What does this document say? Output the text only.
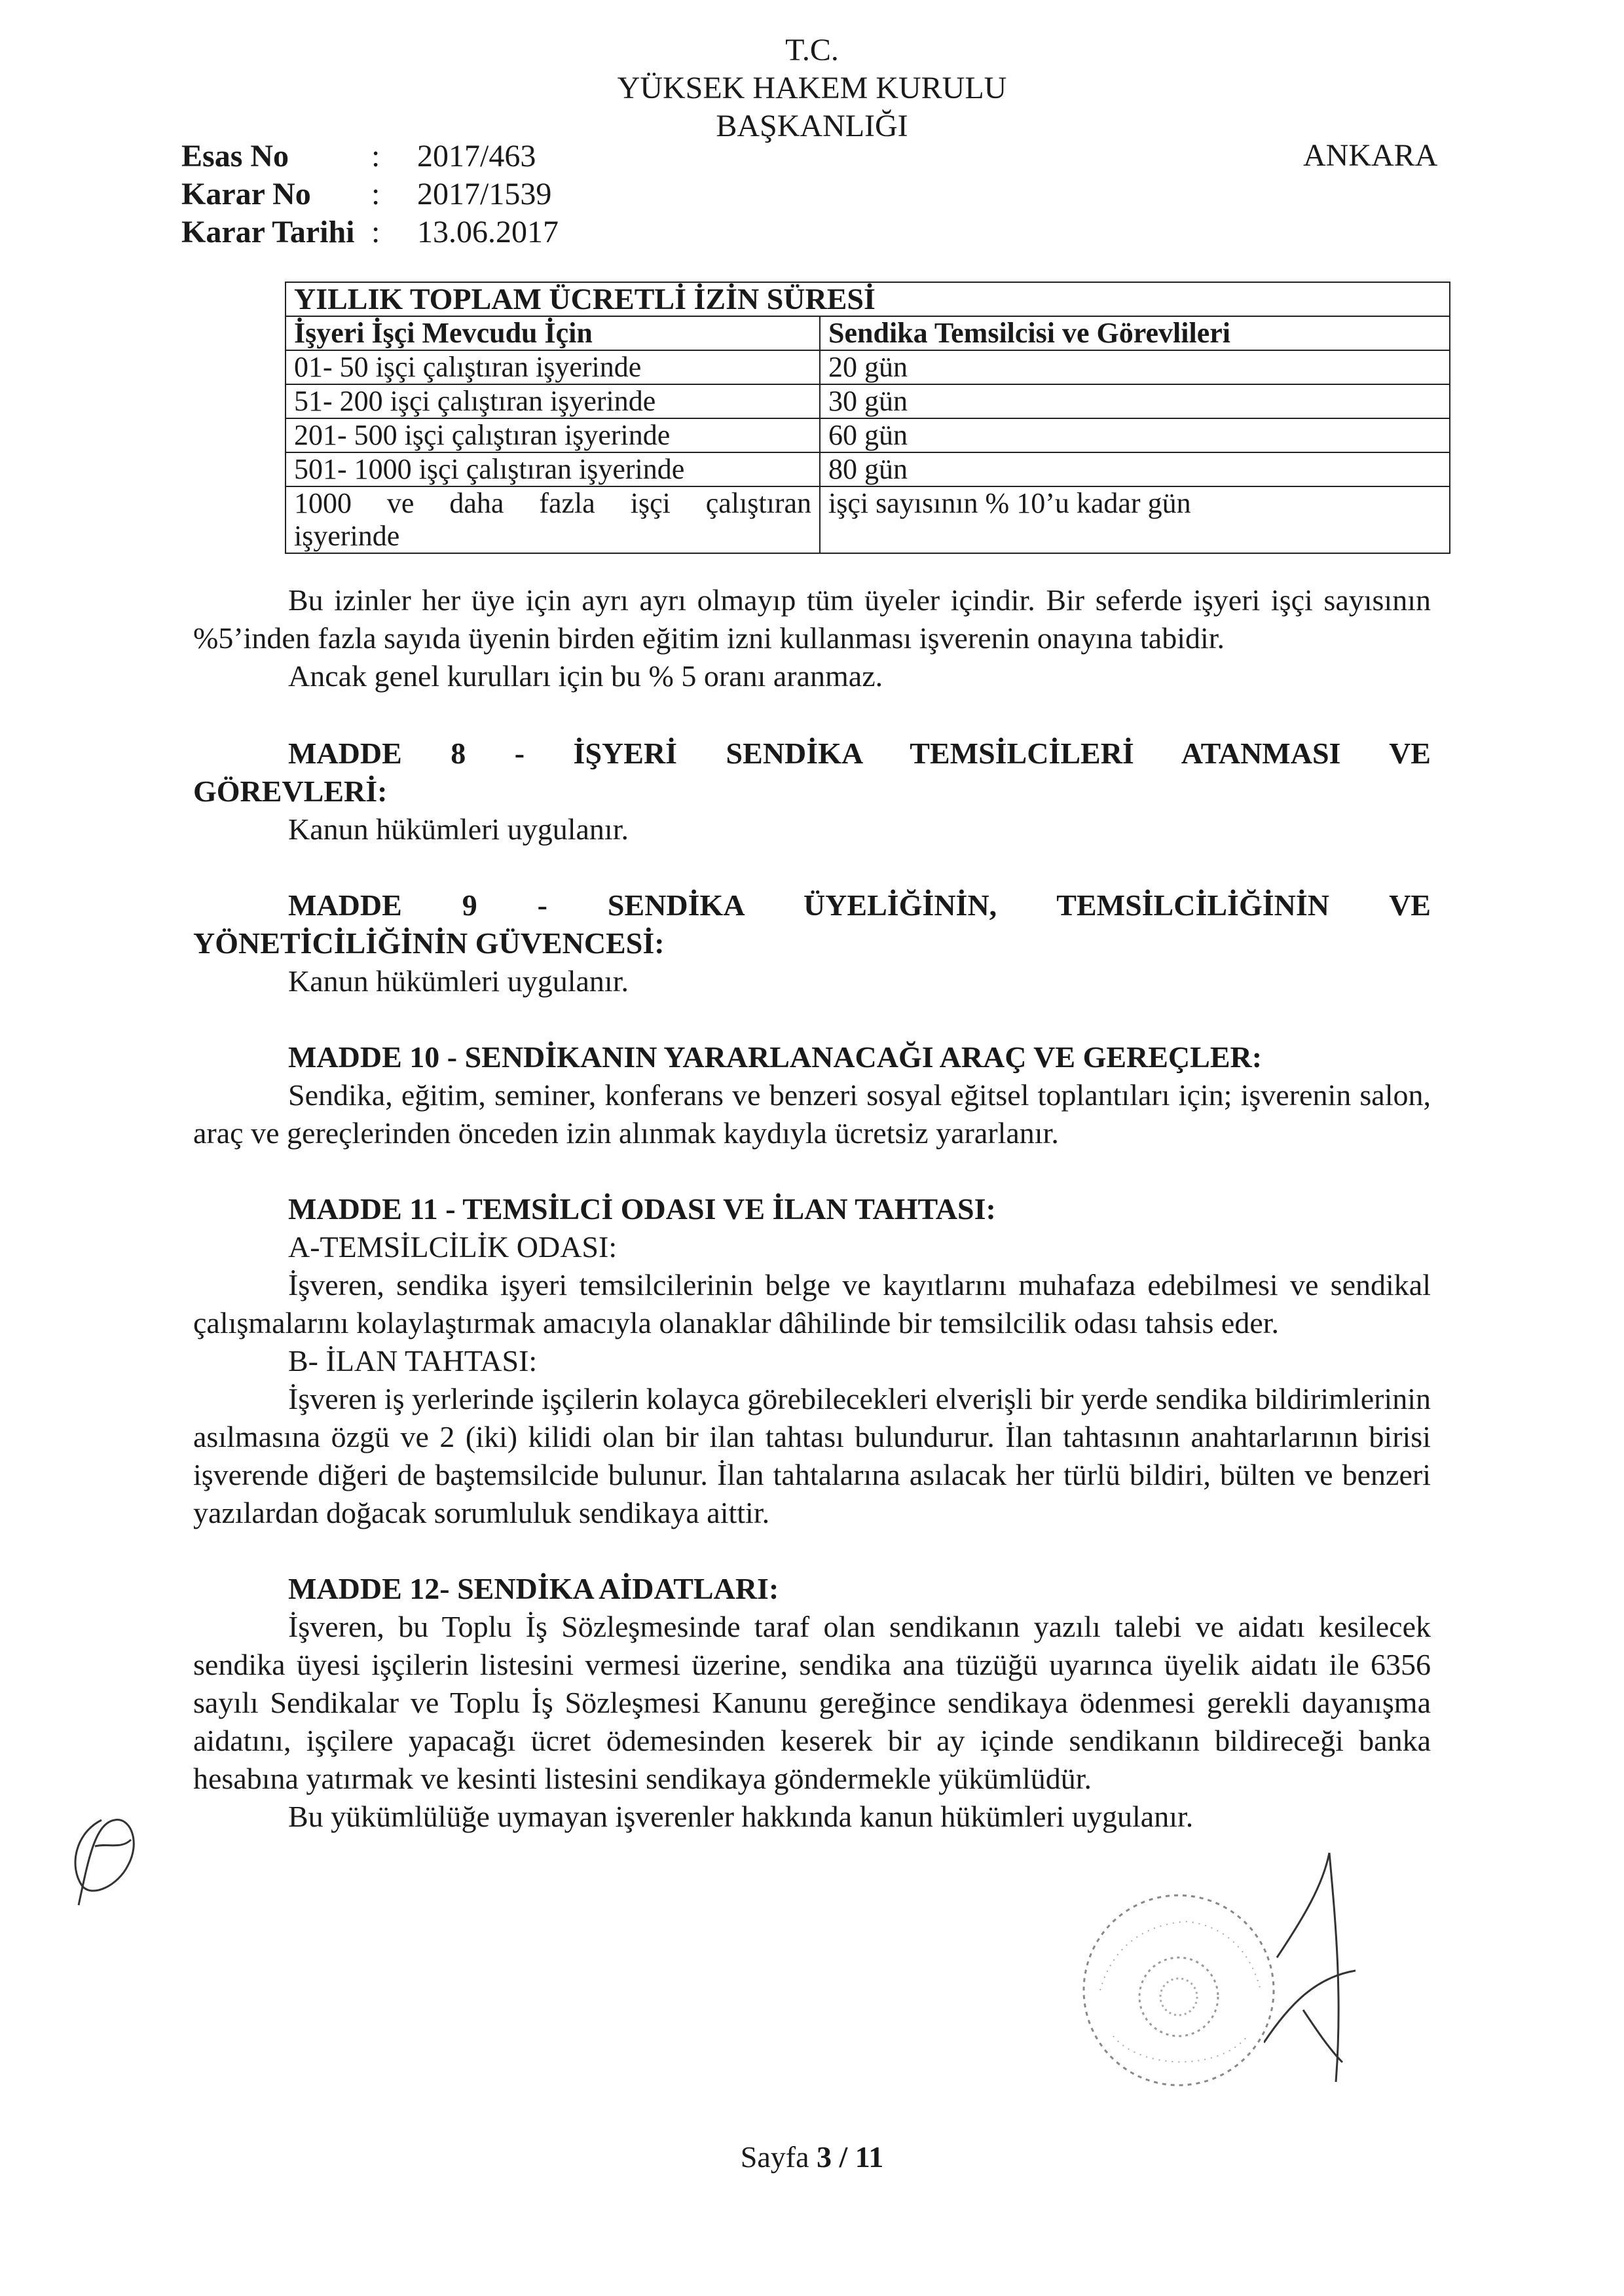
T.C.
YÜKSEK HAKEM KURULU
BAŞKANLIĞI
Esas No	:	2017/463
Karar No	:	2017/1539
Karar Tarihi :	13.06.2017
ANKARA
YILLIK TOPLAM ÜCRETLİ İZİN SÜRESİ	
İşyeri İşçi Mevcudu İçin	Sendika Temsilcisi ve Görevlileri
01- 50 işçi çalıştıran işyerinde	20 gün
51- 200 işçi çalıştıran işyerinde	30 gün
201- 500 işçi çalıştıran işyerinde	60 gün
501- 1000 işçi çalıştıran işyerinde	80 gün

1000 ve daha fazla işçi çalıştıran
işyerinde	işçi sayısının % 10’u kadar gün
Bu izinler her üye için ayrı ayrı olmayıp tüm üyeler içindir. Bir seferde işyeri işçi sayısının %5’inden fazla sayıda üyenin birden eğitim izni kullanması işverenin onayına tabidir.
Ancak genel kurulları için bu % 5 oranı aranmaz.
MADDE 8 - İŞYERİ SENDİKA TEMSİLCİLERİ ATANMASI VE
GÖREVLERİ:
Kanun hükümleri uygulanır.
MADDE 9 - SENDİKA ÜYELİĞİNİN, TEMSİLCİLİĞİNİN VE
YÖNETİCİLİĞİNİN GÜVENCESİ:
Kanun hükümleri uygulanır.
MADDE 10 - SENDİKANIN YARARLANACAĞI ARAÇ VE GEREÇLER:
Sendika, eğitim, seminer, konferans ve benzeri sosyal eğitsel toplantıları için; işverenin salon, araç ve gereçlerinden önceden izin alınmak kaydıyla ücretsiz yararlanır.
MADDE 11 - TEMSİLCİ ODASI VE İLAN TAHTASI:
A-TEMSİLCİLİK ODASI:
İşveren, sendika işyeri temsilcilerinin belge ve kayıtlarını muhafaza edebilmesi ve sendikal çalışmalarını kolaylaştırmak amacıyla olanaklar dâhilinde bir temsilcilik odası tahsis eder.
B- İLAN TAHTASI:
İşveren iş yerlerinde işçilerin kolayca görebilecekleri elverişli bir yerde sendika bildirimlerinin asılmasına özgü ve 2 (iki) kilidi olan bir ilan tahtası bulundurur. İlan tahtasının anahtarlarının birisi işverende diğeri de baştemsilcide bulunur. İlan tahtalarına asılacak her türlü bildiri, bülten ve benzeri yazılardan doğacak sorumluluk sendikaya aittir.
MADDE 12- SENDİKA AİDATLARI:
İşveren, bu Toplu İş Sözleşmesinde taraf olan sendikanın yazılı talebi ve aidatı kesilecek sendika üyesi işçilerin listesini vermesi üzerine, sendika ana tüzüğü uyarınca üyelik aidatı ile 6356 sayılı Sendikalar ve Toplu İş Sözleşmesi Kanunu gereğince sendikaya ödenmesi gerekli dayanışma aidatını, işçilere yapacağı ücret ödemesinden keserek bir ay içinde sendikanın bildireceği banka hesabına yatırmak ve kesinti listesini sendikaya göndermekle yükümlüdür.
Bu yükümlülüğe uymayan işverenler hakkında kanun hükümleri uygulanır.
Sayfa 3 / 11
